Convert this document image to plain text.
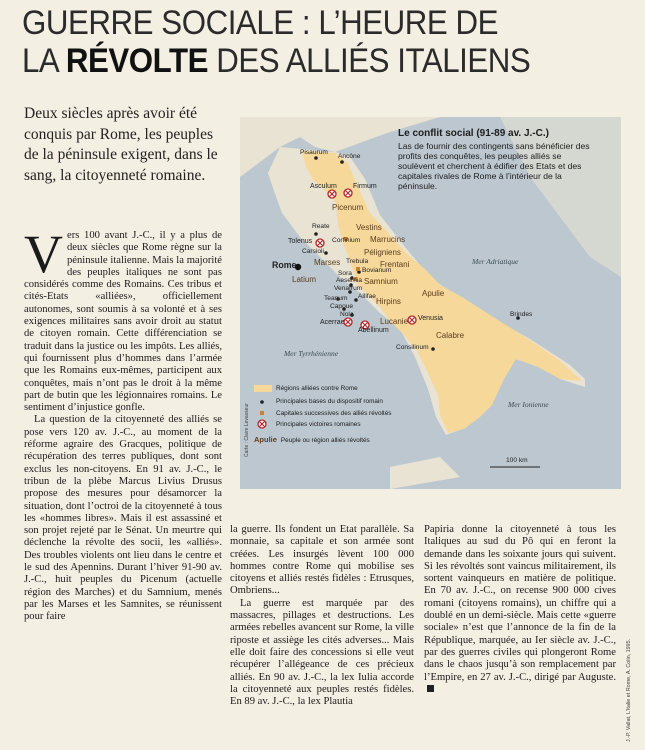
GUERRE SOCIALE : L’HEURE DE
LA RÉVOLTE DES ALLIÉS ITALIENS
Deux siècles après avoir été conquis par Rome, les peuples de la péninsule exigent, dans le sang, la citoyenneté romaine.

Vers 100 avant J.-C., il y a plus de deux siècles que Rome règne sur la péninsule italienne. Mais la majorité des peuples italiques ne sont pas considérés comme des Romains. Ces tribus et cités-Etats «alliées», officiellement autonomes, sont soumis à sa volonté et à ses exigences militaires sans avoir droit au statut de citoyen romain. Cette différenciation se traduit dans la justice ou les impôts. Les alliés, qui fournissent plus d’hommes dans l’armée que les Romains eux-mêmes, participent aux conquêtes, mais n’ont pas le droit à la même part de butin que les légionnaires romains. Le sentiment d’injustice gonfle.

La question de la citoyenneté des alliés se pose vers 120 av. J.-C., au moment de la réforme agraire des Gracques, politique de récupération des terres publiques, dont sont exclus les non-citoyens. En 91 av. J.-C., le tribun de la plèbe Marcus Livius Drusus propose des mesures pour désamorcer la situation, dont l’octroi de la citoyenneté à tous les «hommes libres». Mais il est assassiné et son projet rejeté par le Sénat. Un meurtre qui déclenche la révolte des socii, les «alliés». Des troubles violents ont lieu dans le centre et le sud des Apennins. Durant l’hiver 91-90 av. J.-C., huit peuples du Picenum (actuelle région des Marches) et du Samnium, menés par les Marses et les Samnites, se réunissent pour faire

la guerre. Ils fondent un Etat parallèle. Sa monnaie, sa capitale et son armée sont créées. Les insurgés lèvent 100 000 hommes contre Rome qui mobilise ses citoyens et alliés restés fidèles : Etrusques, Ombriens...

La guerre est marquée par des massacres, pillages et destructions. Les armées rebelles avancent sur Rome, la ville riposte et assiège les cités adverses... Mais elle doit faire des concessions si elle veut récupérer l’allégeance de ces précieux alliés. En 90 av. J.-C., la lex Iulia accorde la citoyenneté aux peuples restés fidèles. En 89 av. J.-C., la lex Plautia

Papiria donne la citoyenneté à tous les Italiques au sud du Pô qui en feront la demande dans les soixante jours qui suivent. Si les révoltés sont vaincus militairement, ils sortent vainqueurs en matière de politique. En 70 av. J.-C., on recense 900 000 cives romani (citoyens romains), un chiffre qui a doublé en un demi-siècle. Mais cette «guerre sociale» n’est que l’annonce de la fin de la République, marquée, au Ier siècle av. J.-C., par des guerres civiles qui plongeront Rome dans le chaos jusqu’à son remplacement par l’Empire, en 27 av. J.-C., dirigé par Auguste.

Le conflit social (91-89 av. J.-C.)
Las de fournir des contingents sans bénéficier des profits des conquêtes, les peuples alliés se soulèvent et cherchent à édifier des Etats et des capitales rivales de Rome à l’intérieur de la péninsule.
Pisaurum
Ancône
Asculum Firmum
Picenum
Reate
Tolenus	Corfinium
Vestins
Marrucins
Carsioli	Péligniens
Rome Marses	Frentani
Trebula
Bovianum
Latium
Sora
Aesernia Samnium
Venafrum
Allifae
Hirpins
Apulie
Teanum
Capoue
Venusia
Nola
Acerrae
Abellinum
Lucanie
Brindes
Consilinum
Calabre
Mer Adriatique
Mer Tyrrhénienne
Mer Ionienne
Régions alliées contre Rome
Principales bases du dispositif romain
Capitales successives des alliés révoltés
Principales victoires romaines
Apulie Peuple ou région alliés révoltés
100 km
Carte : Claire Levasseur
J.-P. Vallat, L’Italie et Rome, A. Colin, 1995.
